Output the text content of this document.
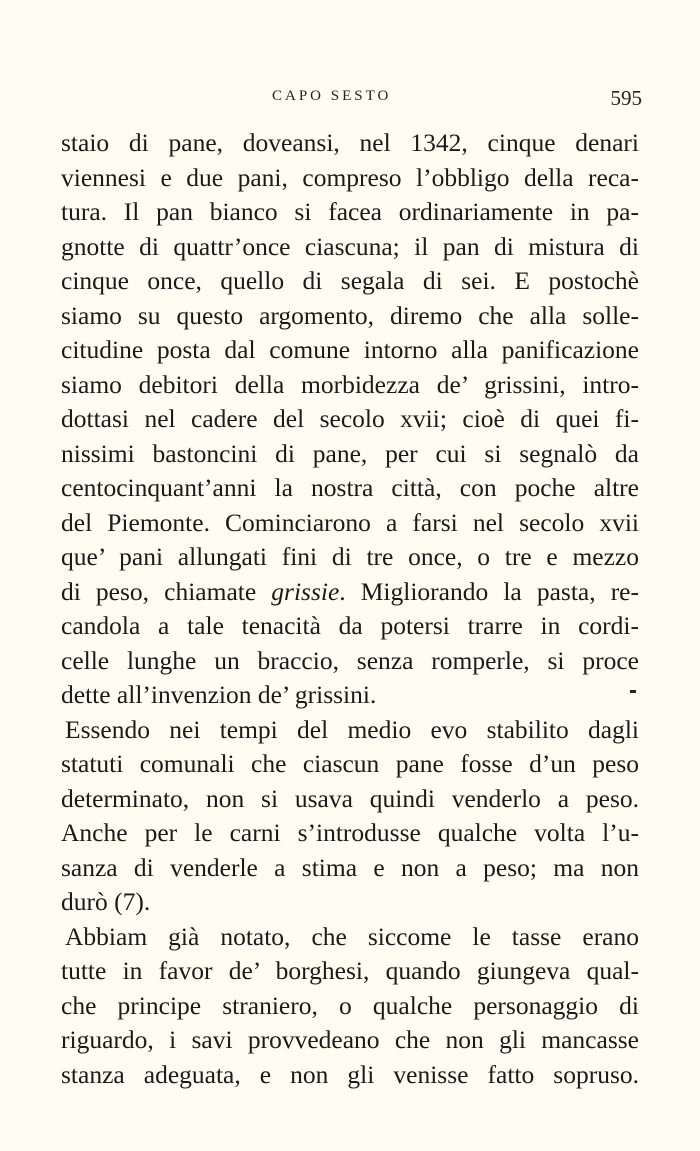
CAPO SESTO	595
staio di pane, doveansi, nel 1342, cinque denari
viennesi e due pani, compreso l’obbligo della reca-
tura. Il pan bianco si facea ordinariamente in pa-
gnotte di quattr’once ciascuna; il pan di mistura di
cinque once, quello di segala di sei. E postochè
siamo su questo argomento, diremo che alla solle-
citudine posta dal comune intorno alla panificazione
siamo debitori della morbidezza de’ grissini, intro-
dottasi nel cadere del secolo xvii; cioè di quei fi-
nissimi bastoncini di pane, per cui si segnalò da
centocinquant’anni la nostra città, con poche altre
del Piemonte. Cominciarono a farsi nel secolo xvii
que’ pani allungati fini di tre once, o tre e mezzo
di peso, chiamate grissie. Migliorando la pasta, re-
candola a tale tenacità da potersi trarre in cordi-
celle lunghe un braccio, senza romperle, si proce
dette all’invenzion de’ grissini.
Essendo nei tempi del medio evo stabilito dagli
statuti comunali che ciascun pane fosse d’un peso
determinato, non si usava quindi venderlo a peso.
Anche per le carni s’introdusse qualche volta l’u-
sanza di venderle a stima e non a peso; ma non
durò (7).
Abbiam già notato, che siccome le tasse erano
tutte in favor de’ borghesi, quando giungeva qual-
che principe straniero, o qualche personaggio di
riguardo, i savi provvedeano che non gli mancasse
stanza adeguata, e non gli venisse fatto sopruso.
